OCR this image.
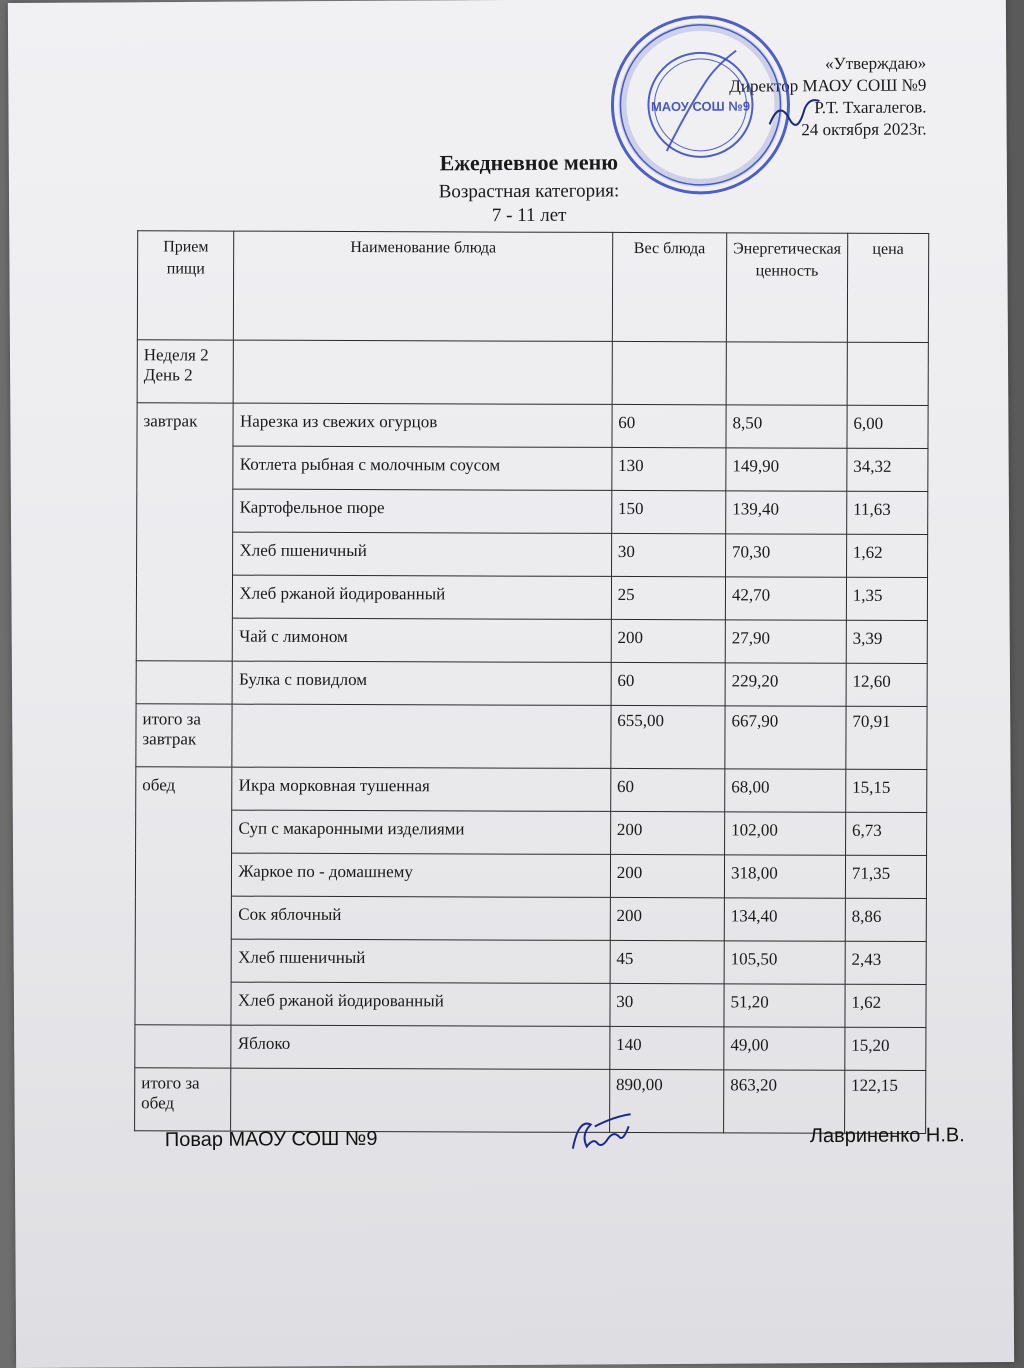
«Утверждаю»
Директор МАОУ СОШ №9
Р.Т. Тхагалегов.
24 октября 2023г.
Ежедневное меню
Возрастная категория:
7 - 11 лет
МАОУ СОШ №9
Прием пищи	Наименование блюда	Вес блюда	Энергетическая ценность	цена
Неделя 2 День 2				
завтрак	Нарезка из свежих огурцов	60	8,50	6,00
	Котлета рыбная с молочным соусом	130	149,90	34,32
	Картофельное пюре	150	139,40	11,63
	Хлеб пшеничный	30	70,30	1,62
	Хлеб ржаной йодированный	25	42,70	1,35
	Чай с лимоном	200	27,90	3,39
	Булка с повидлом	60	229,20	12,60
итого за завтрак		655,00	667,90	70,91
обед	Икра морковная тушенная	60	68,00	15,15
	Суп с макаронными изделиями	200	102,00	6,73
	Жаркое по - домашнему	200	318,00	71,35
	Сок яблочный	200	134,40	8,86
	Хлеб пшеничный	45	105,50	2,43
	Хлеб ржаной йодированный	30	51,20	1,62
	Яблоко	140	49,00	15,20
итого за обед		890,00	863,20	122,15
Повар МАОУ СОШ №9	Лавриненко Н.В.
